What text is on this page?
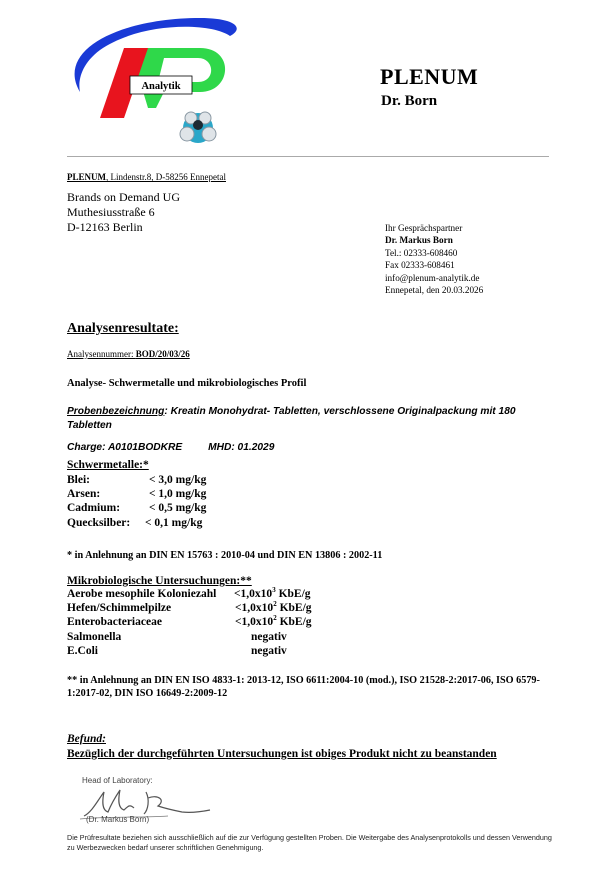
Analytik	PLENUM
Dr. Born
PLENUM, Lindenstr.8, D-58256 Ennepetal
Brands on Demand UG
Muthesiusstraße 6
D-12163 Berlin	Ihr Gesprächspartner
Dr. Markus Born
Tel.: 02333-608460
Fax 02333-608461
info@plenum-analytik.de
Ennepetal, den 20.03.2026
Analysenresultate:
Analysennummer: BOD/20/03/26
Analyse- Schwermetalle und mikrobiologisches Profil
Probenbezeichnung: Kreatin Monohydrat- Tabletten, verschlossene Originalpackung mit 180 Tabletten
Charge: A0101BODKRE	MHD: 01.2029
Schwermetalle:*
Blei:	< 3,0 mg/kg
Arsen:	< 1,0 mg/kg
Cadmium:	< 0,5 mg/kg
Quecksilber: < 0,1 mg/kg
* in Anlehnung an DIN EN 15763 : 2010-04 und DIN EN 13806 : 2002-11
Mikrobiologische Untersuchungen:**
Aerobe mesophile Koloniezahl $<1,0x10^3$ KbE/g
Hefen/Schimmelpilze	$<1,0x10^2$ KbE/g
Enterobacteriaceae	$<1,0x10^2$ KbE/g
Salmonella	negativ
E.Coli	negativ
** in Anlehnung an DIN EN ISO 4833-1: 2013-12, ISO 6611:2004-10 (mod.), ISO 21528-2:2017-06, ISO 6579-1:2017-02, DIN ISO 16649-2:2009-12
Befund:
Bezüglich der durchgeführten Untersuchungen ist obiges Produkt nicht zu beanstanden
Head of Laboratory:
(Dr. Markus Born)
Die Prüfresultate beziehen sich ausschließlich auf die zur Verfügung gestellten Proben. Die Weitergabe des Analysenprotokolls und dessen Verwendung zu Werbezwecken bedarf unserer schriftlichen Genehmigung.
